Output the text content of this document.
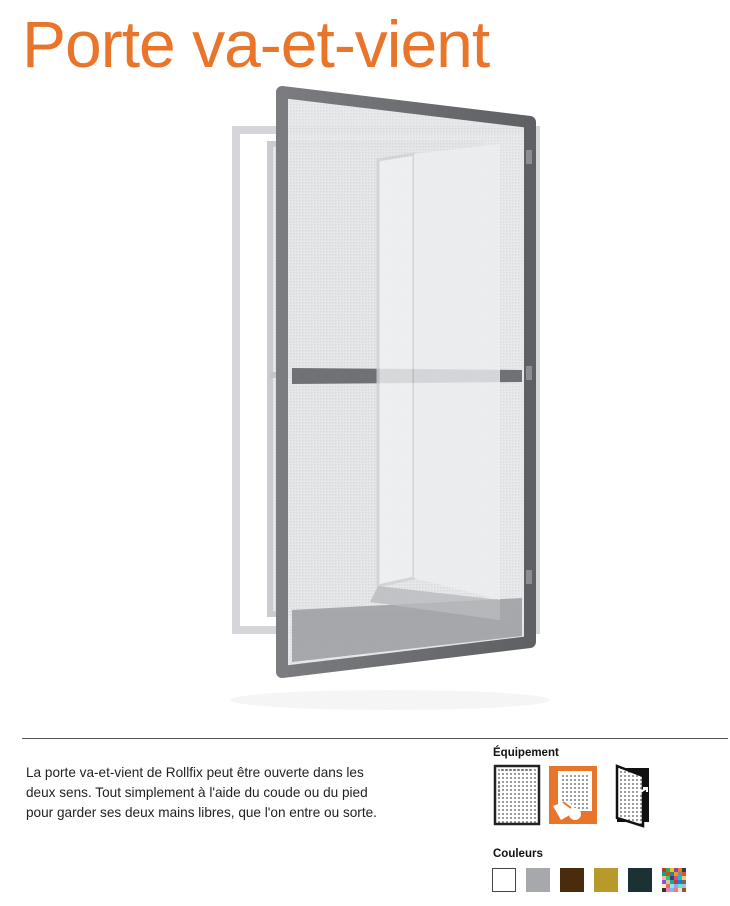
Porte va-et-vient

La porte va-et-vient de Rollfix peut être ouverte dans les deux sens. Tout simplement à l'aide du coude ou du pied pour garder ses deux mains libres, que l'on entre ou sorte.

Équipement
Couleurs
